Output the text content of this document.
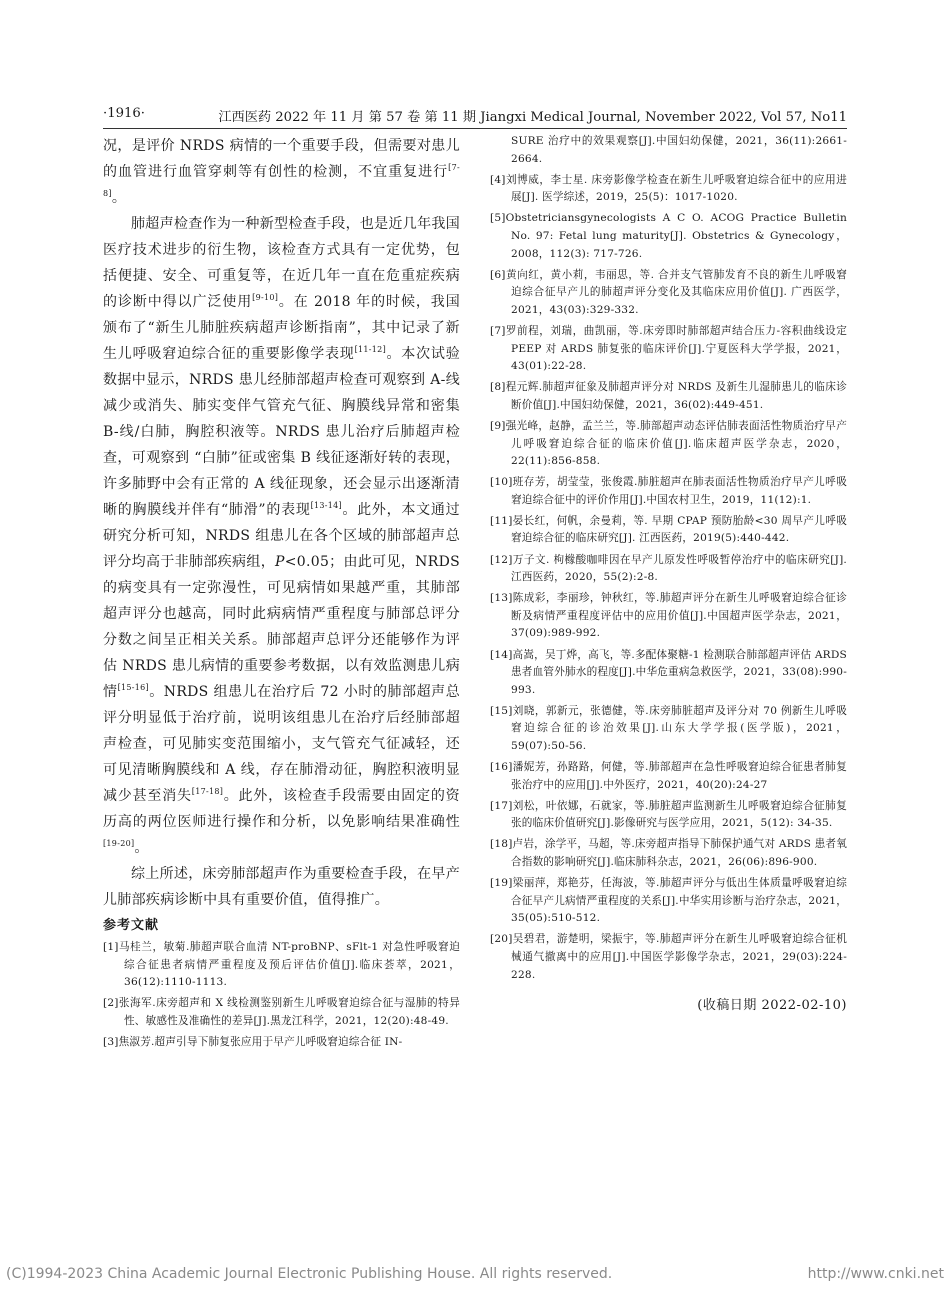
·1916·	江西医药 2022 年 11 月 第 57 卷 第 11 期 Jiangxi Medical Journal, November 2022, Vol 57, No11

况，是评价 NRDS 病情的一个重要手段，但需要对患儿的血管进行血管穿刺等有创性的检测，不宜重复进行[7-8]。

肺超声检查作为一种新型检查手段，也是近几年我国医疗技术进步的衍生物，该检查方式具有一定优势，包括便捷、安全、可重复等，在近几年一直在危重症疾病的诊断中得以广泛使用[9-10]。在 2018 年的时候，我国颁布了“新生儿肺脏疾病超声诊断指南”，其中记录了新生儿呼吸窘迫综合征的重要影像学表现[11-12]。本次试验数据中显示，NRDS 患儿经肺部超声检查可观察到 A-线减少或消失、肺实变伴气管充气征、胸膜线异常和密集 B-线/白肺，胸腔积液等。NRDS 患儿治疗后肺超声检查，可观察到 “白肺”征或密集 B 线征逐渐好转的表现，许多肺野中会有正常的 A 线征现象，还会显示出逐渐清晰的胸膜线并伴有“肺滑”的表现[13-14]。此外，本文通过研究分析可知，NRDS 组患儿在各个区域的肺部超声总评分均高于非肺部疾病组，P<0.05；由此可见，NRDS 的病变具有一定弥漫性，可见病情如果越严重，其肺部超声评分也越高，同时此病病情严重程度与肺部总评分分数之间呈正相关关系。肺部超声总评分还能够作为评估 NRDS 患儿病情的重要参考数据，以有效监测患儿病情[15-16]。NRDS 组患儿在治疗后 72 小时的肺部超声总评分明显低于治疗前，说明该组患儿在治疗后经肺部超声检查，可见肺实变范围缩小，支气管充气征减轻，还可见清晰胸膜线和 A 线，存在肺滑动征，胸腔积液明显减少甚至消失[17-18]。此外，该检查手段需要由固定的资历高的两位医师进行操作和分析，以免影响结果准确性[19-20]。

综上所述，床旁肺部超声作为重要检查手段，在早产儿肺部疾病诊断中具有重要价值，值得推广。

参考文献

[1]马桂兰，敏菊.肺超声联合血清 NT-proBNP、sFlt-1 对急性呼吸窘迫综合征患者病情严重程度及预后评估价值[J].临床荟萃，2021，36(12):1110-1113.

[2]张海军.床旁超声和 X 线检测鉴别新生儿呼吸窘迫综合征与湿肺的特异性、敏感性及准确性的差异[J].黑龙江科学，2021，12(20):48-49.

[3]焦淑芳.超声引导下肺复张应用于早产儿呼吸窘迫综合征 IN-

SURE 治疗中的效果观察[J].中国妇幼保健，2021，36(11):2661-2664.

[4]刘博威，李士星. 床旁影像学检查在新生儿呼吸窘迫综合征中的应用进展[J]. 医学综述，2019，25(5)：1017-1020.

[5]Obstetriciansgynecologists A C O. ACOG Practice Bulletin No. 97: Fetal lung maturity[J]. Obstetrics & Gynecology，2008，112(3): 717-726.

[6]黄向红，黄小莉，韦丽思，等. 合并支气管肺发育不良的新生儿呼吸窘迫综合征早产儿的肺超声评分变化及其临床应用价值[J]. 广西医学，2021，43(03):329-332.

[7]罗前程，刘瑞，曲凯丽，等.床旁即时肺部超声结合压力-容积曲线设定 PEEP 对 ARDS 肺复张的临床评价[J].宁夏医科大学学报，2021，43(01):22-28.

[8]程元辉.肺超声征象及肺超声评分对 NRDS 及新生儿湿肺患儿的临床诊断价值[J].中国妇幼保健，2021，36(02):449-451.

[9]强光峰，赵静，孟兰兰，等.肺部超声动态评估肺表面活性物质治疗早产儿呼吸窘迫综合征的临床价值[J].临床超声医学杂志，2020，22(11):856-858.

[10]班存芳，胡莹莹，张俊霞.肺脏超声在肺表面活性物质治疗早产儿呼吸窘迫综合征中的评价作用[J].中国农村卫生，2019，11(12):1.

[11]晏长红，何帆，余曼莉，等. 早期 CPAP 预防胎龄<30 周早产儿呼吸窘迫综合征的临床研究[J]. 江西医药，2019(5):440-442.

[12]万子文. 枸橼酸咖啡因在早产儿原发性呼吸暂停治疗中的临床研究[J]. 江西医药，2020，55(2):2-8.

[13]陈成彩，李丽珍，钟秋红，等.肺超声评分在新生儿呼吸窘迫综合征诊断及病情严重程度评估中的应用价值[J].中国超声医学杂志，2021，37(09):989-992.

[14]高嵩，吴丁烨，高飞，等.多配体聚糖-1 检测联合肺部超声评估 ARDS 患者血管外肺水的程度[J].中华危重病急救医学，2021，33(08):990-993.

[15]刘晓，郭新元，张德健，等.床旁肺脏超声及评分对 70 例新生儿呼吸窘迫综合征的诊治效果[J].山东大学学报(医学版)，2021，59(07):50-56.

[16]潘妮芳，孙路路，何健，等.肺部超声在急性呼吸窘迫综合征患者肺复张治疗中的应用[J].中外医疗，2021，40(20):24-27

[17]刘松，叶依娜，石就家，等.肺脏超声监测新生儿呼吸窘迫综合征肺复张的临床价值研究[J].影像研究与医学应用，2021，5(12): 34-35.

[18]卢岩，涂学平，马超，等.床旁超声指导下肺保护通气对 ARDS 患者氧合指数的影响研究[J].临床肺科杂志，2021，26(06):896-900.

[19]梁丽萍，郑艳芬，任海波，等.肺超声评分与低出生体质量呼吸窘迫综合征早产儿病情严重程度的关系[J].中华实用诊断与治疗杂志，2021，35(05):510-512.

[20]吴碧君，游楚明，梁振宇，等.肺超声评分在新生儿呼吸窘迫综合征机械通气撤离中的应用[J].中国医学影像学杂志，2021，29(03):224-228.

(收稿日期 2022-02-10)
(C)1994-2023 China Academic Journal Electronic Publishing House. All rights reserved.	http://www.cnki.net
